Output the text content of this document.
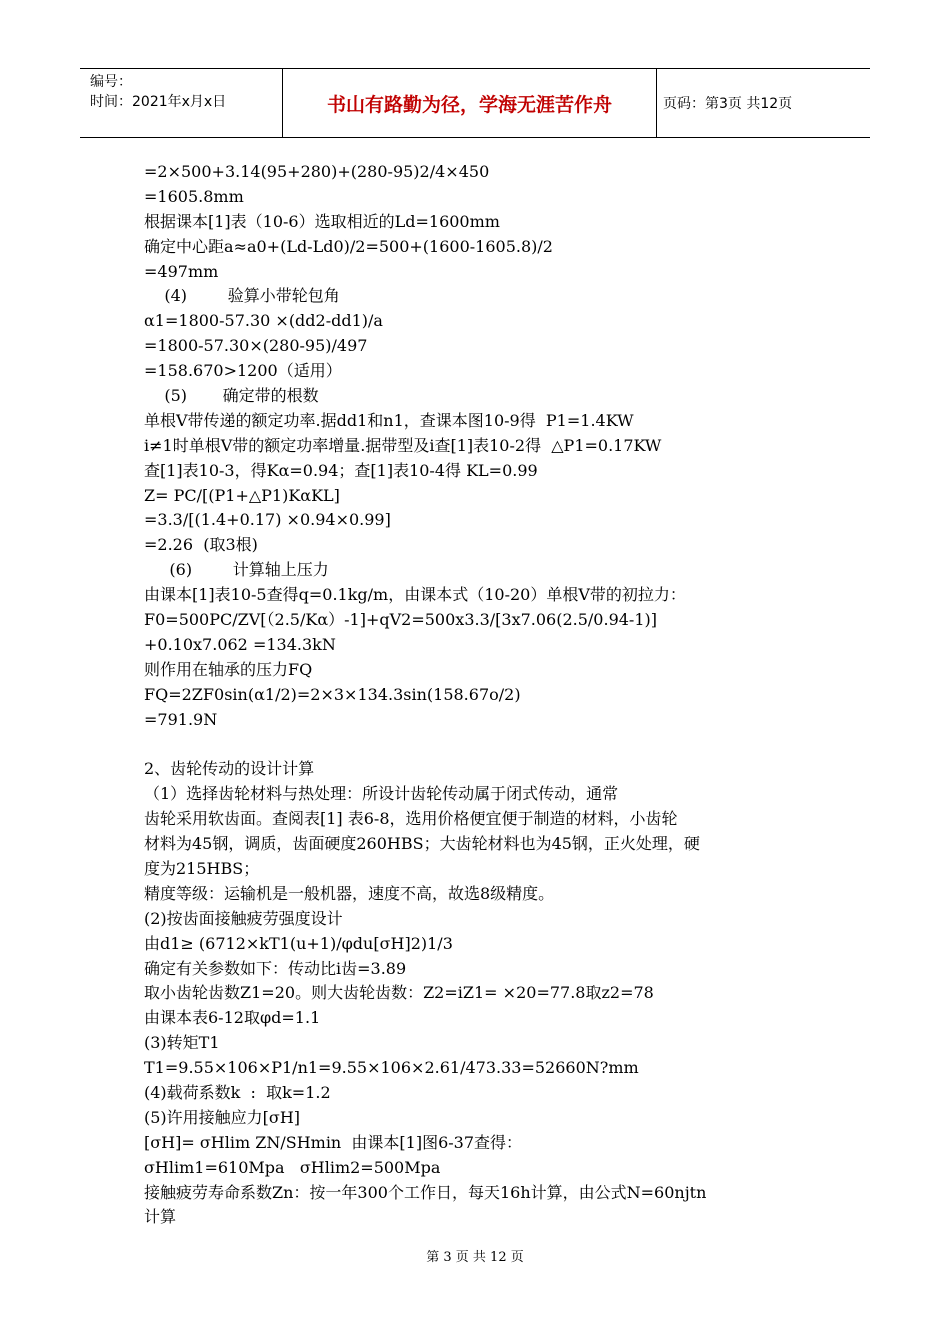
编号：
时间：2021年x月x日	书山有路勤为径，学海无涯苦作舟	页码：第3页 共12页
=2×500+3.14(95+280)+(280-95)2/4×450
=1605.8mm
根据课本[1]表（10-6）选取相近的Ld=1600mm
确定中心距a≈a0+(Ld-Ld0)/2=500+(1600-1605.8)/2
=497mm
(4)        验算小带轮包角
α1=1800-57.30 ×(dd2-dd1)/a
=1800-57.30×(280-95)/497
=158.670>1200（适用）
(5)       确定带的根数
单根V带传递的额定功率.据dd1和n1，查课本图10-9得  P1=1.4KW
i≠1时单根V带的额定功率增量.据带型及i查[1]表10-2得  △P1=0.17KW
查[1]表10-3，得Kα=0.94；查[1]表10-4得 KL=0.99
Z= PC/[(P1+△P1)KαKL]
=3.3/[(1.4+0.17) ×0.94×0.99]
=2.26  (取3根)
(6)        计算轴上压力
由课本[1]表10-5查得q=0.1kg/m，由课本式（10-20）单根V带的初拉力：
F0=500PC/ZV[（2.5/Kα）-1]+qV2=500x3.3/[3x7.06(2.5/0.94-1)]
+0.10x7.062 =134.3kN
则作用在轴承的压力FQ
FQ=2ZF0sin(α1/2)=2×3×134.3sin(158.67o/2)
=791.9N
2、齿轮传动的设计计算
（1）选择齿轮材料与热处理：所设计齿轮传动属于闭式传动，通常
齿轮采用软齿面。查阅表[1] 表6-8，选用价格便宜便于制造的材料，小齿轮
材料为45钢，调质，齿面硬度260HBS；大齿轮材料也为45钢，正火处理，硬
度为215HBS；
精度等级：运输机是一般机器，速度不高，故选8级精度。
(2)按齿面接触疲劳强度设计
由d1≥ (6712×kT1(u+1)/φdu[σH]2)1/3
确定有关参数如下：传动比i齿=3.89
取小齿轮齿数Z1=20。则大齿轮齿数：Z2=iZ1= ×20=77.8取z2=78
由课本表6-12取φd=1.1
(3)转矩T1
T1=9.55×106×P1/n1=9.55×106×2.61/473.33=52660N?mm
(4)载荷系数k  :  取k=1.2
(5)许用接触应力[σH]
[σH]= σHlim ZN/SHmin  由课本[1]图6-37查得：
σHlim1=610Mpa   σHlim2=500Mpa
接触疲劳寿命系数Zn：按一年300个工作日，每天16h计算，由公式N=60njtn
计算
第 3 页 共 12 页
